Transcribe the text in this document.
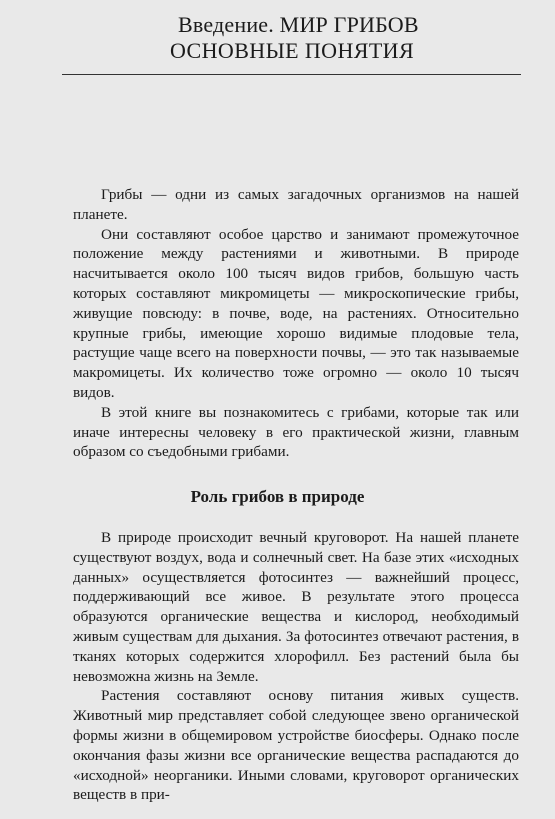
Введение. МИР ГРИБОВ
ОСНОВНЫЕ ПОНЯТИЯ

Грибы — одни из самых загадочных организмов на нашей планете.

Они составляют особое царство и занимают промежуточное положение между растениями и животными. В природе насчитывается около 100 тысяч видов грибов, большую часть которых составляют микромицеты — микроскопические грибы, живущие повсюду: в почве, воде, на растениях. Относительно крупные грибы, имеющие хорошо видимые плодовые тела, растущие чаще всего на поверхности почвы, — это так называемые макромицеты. Их количество тоже огромно — около 10 тысяч видов.

В этой книге вы познакомитесь с грибами, которые так или иначе интересны человеку в его практической жизни, главным образом со съедобными грибами.

Роль грибов в природе

В природе происходит вечный круговорот. На нашей планете существуют воздух, вода и солнечный свет. На базе этих «исходных данных» осуществляется фотосинтез — важнейший процесс, поддерживающий все живое. В результате этого процесса образуются органические вещества и кислород, необходимый живым существам для дыхания. За фотосинтез отвечают растения, в тканях которых содержится хлорофилл. Без растений была бы невозможна жизнь на Земле.

Растения составляют основу питания живых существ. Животный мир представляет собой следующее звено органической формы жизни в общемировом устройстве биосферы. Однако после окончания фазы жизни все органические вещества распадаются до «исходной» неорганики. Иными словами, круговорот органических веществ в при-
